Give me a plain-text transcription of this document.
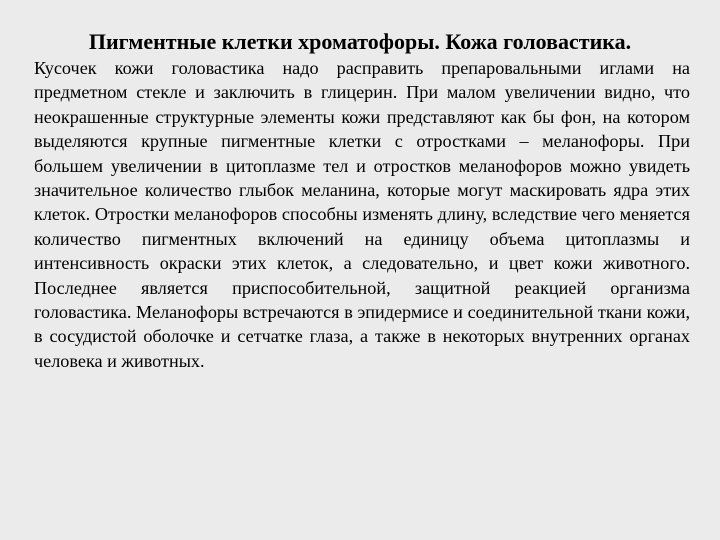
Пигментные клетки хроматофоры. Кожа головастика.

Кусочек кожи головастика надо расправить препаровальными иглами на предметном стекле и заключить в глицерин. При малом увеличении видно, что неокрашенные структурные элементы кожи представляют как бы фон, на котором выделяются крупные пигментные клетки с отростками – меланофоры. При большем увеличении в цитоплазме тел и отростков меланофоров можно увидеть значительное количество глыбок меланина, которые могут маскировать ядра этих клеток. Отростки меланофоров способны изменять длину, вследствие чего меняется количество пигментных включений на единицу объема цитоплазмы и интенсивность окраски этих клеток, а следовательно, и цвет кожи животного. Последнее является приспособительной, защитной реакцией организма головастика. Меланофоры встречаются в эпидермисе и соединительной ткани кожи, в сосудистой оболочке и сетчатке глаза, а также в некоторых внутренних органах человека и животных.
